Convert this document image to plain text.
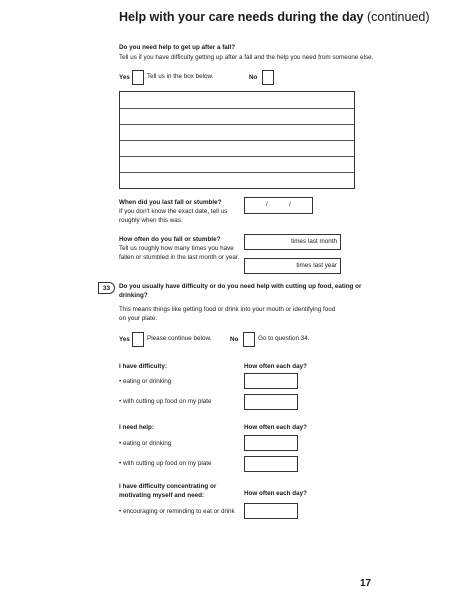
Help with your care needs during the day (continued)
Do you need help to get up after a fall?
Tell us if you have difficulty getting up after a fall and the help you need from someone else.
Yes	Tell us in the box below.	No
When did you last fall or stumble?
If you don't know the exact date, tell us
roughly when this was.
/	/
How often do you fall or stumble?
Tell us roughly how many times you have
fallen or stumbled in the last month or year.
times last month
times last year
33	Do you usually have difficulty or do you need help with cutting up food, eating or
drinking?
This means things like getting food or drink into your mouth or identifying food
on your plate.
Yes	Please continue below.	No	Go to question 34.
I have difficulty:	How often each day?
• eating or drinking
• with cutting up food on my plate
I need help:	How often each day?
• eating or drinking
• with cutting up food on my plate
I have difficulty concentrating or
motivating myself and need:	How often each day?
• encouraging or reminding to eat or drink
17
